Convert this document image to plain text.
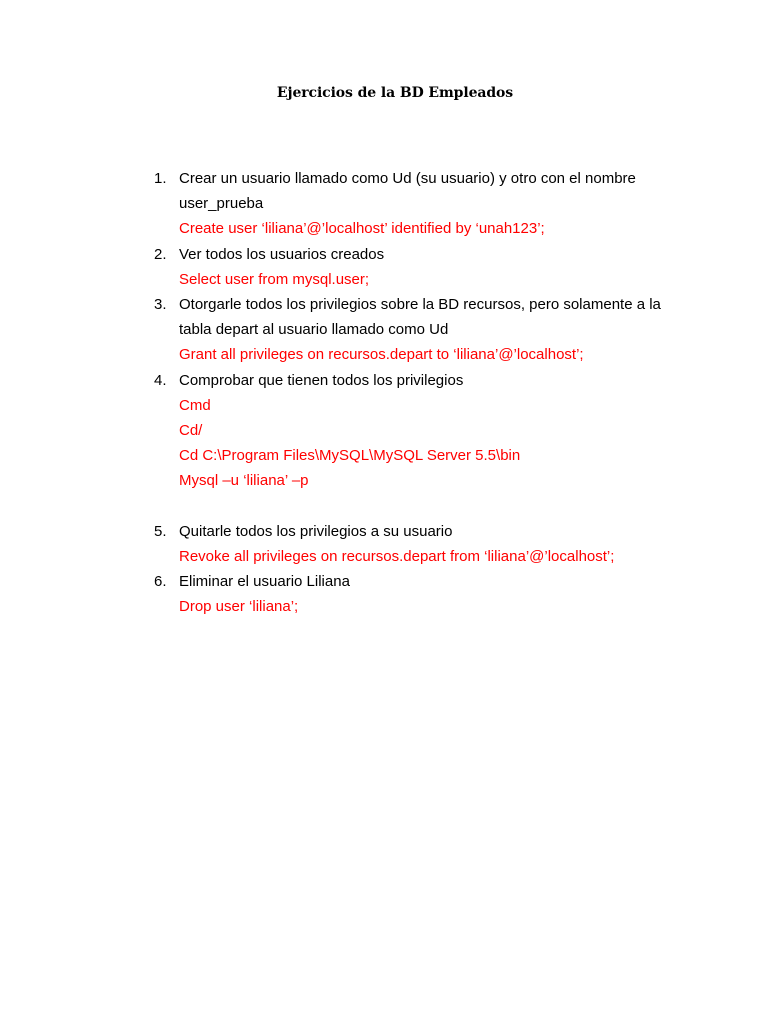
Ejercicios de la BD Empleados
1. Crear un usuario llamado como Ud (su usuario) y otro con el nombre user_prueba
Create user ‘liliana’@’localhost’ identified by ‘unah123’;
2. Ver todos los usuarios creados
Select user from mysql.user;
3. Otorgarle todos los privilegios sobre la BD recursos, pero solamente a la tabla depart al usuario llamado como Ud
Grant all privileges on recursos.depart to ‘liliana’@’localhost’;
4. Comprobar que tienen todos los privilegios
Cmd
Cd/
Cd C:\Program Files\MySQL\MySQL Server 5.5\bin
Mysql –u ‘liliana’ –p
5. Quitarle todos los privilegios a su usuario
Revoke all privileges on recursos.depart from ‘liliana’@’localhost’;
6. Eliminar el usuario Liliana
Drop user ‘liliana’;
